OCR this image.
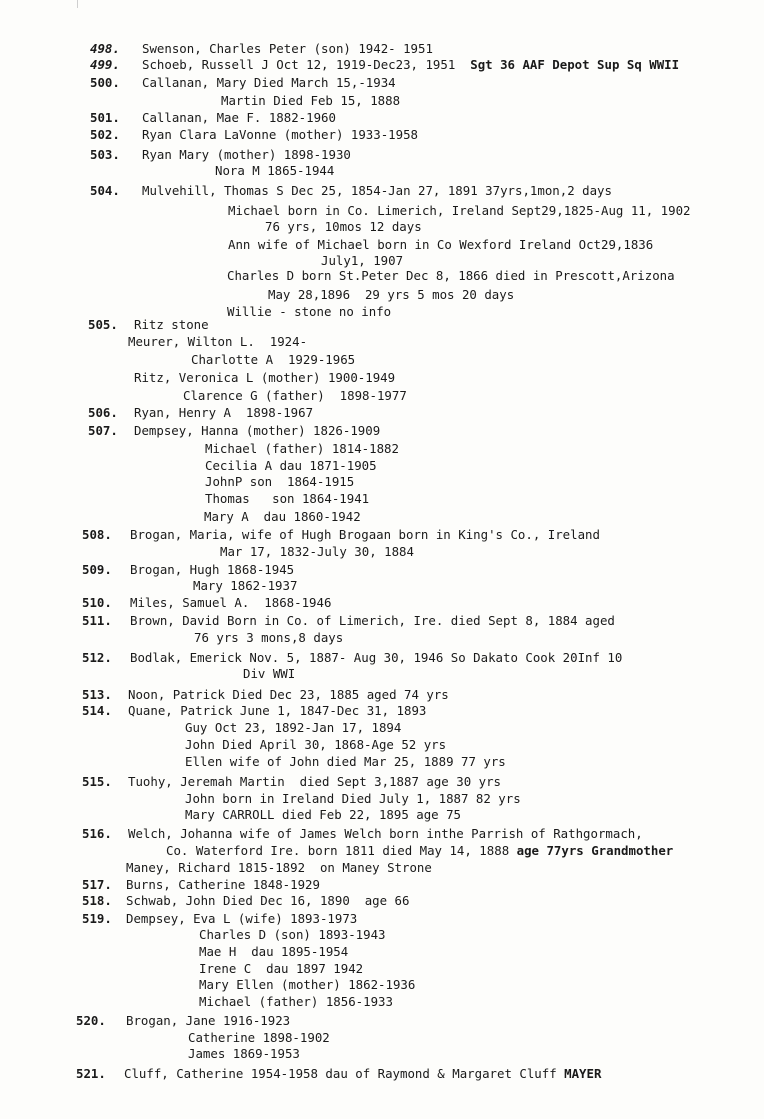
498. Swenson, Charles Peter (son) 1942- 1951
499. Schoeb, Russell J Oct 12, 1919-Dec23, 1951  Sgt 36 AAF Depot Sup Sq WWII
500. Callanan, Mary Died March 15,-1934
Martin Died Feb 15, 1888
501. Callanan, Mae F. 1882-1960
502. Ryan Clara LaVonne (mother) 1933-1958
503. Ryan Mary (mother) 1898-1930
Nora M 1865-1944
504. Mulvehill, Thomas S Dec 25, 1854-Jan 27, 1891 37yrs,1mon,2 days
Michael born in Co. Limerich, Ireland Sept29,1825-Aug 11, 1902
76 yrs, 10mos 12 days
Ann wife of Michael born in Co Wexford Ireland Oct29,1836
July1, 1907
Charles D born St.Peter Dec 8, 1866 died in Prescott,Arizona
May 28,1896  29 yrs 5 mos 20 days
Willie - stone no info
505. Ritz stone
Meurer, Wilton L.  1924-
Charlotte A  1929-1965
Ritz, Veronica L (mother) 1900-1949
Clarence G (father)  1898-1977
506. Ryan, Henry A  1898-1967
507. Dempsey, Hanna (mother) 1826-1909
Michael (father) 1814-1882
Cecilia A dau 1871-1905
JohnP son  1864-1915
Thomas   son 1864-1941
Mary A  dau 1860-1942
508. Brogan, Maria, wife of Hugh Brogaan born in King's Co., Ireland
Mar 17, 1832-July 30, 1884
509. Brogan, Hugh 1868-1945
Mary 1862-1937
510. Miles, Samuel A.  1868-1946
511. Brown, David Born in Co. of Limerich, Ire. died Sept 8, 1884 aged
76 yrs 3 mons,8 days
512. Bodlak, Emerick Nov. 5, 1887- Aug 30, 1946 So Dakato Cook 20Inf 10
Div WWI
513. Noon, Patrick Died Dec 23, 1885 aged 74 yrs
514. Quane, Patrick June 1, 1847-Dec 31, 1893
Guy Oct 23, 1892-Jan 17, 1894
John Died April 30, 1868-Age 52 yrs
Ellen wife of John died Mar 25, 1889 77 yrs
515. Tuohy, Jeremah Martin  died Sept 3,1887 age 30 yrs
John born in Ireland Died July 1, 1887 82 yrs
Mary CARROLL died Feb 22, 1895 age 75
516. Welch, Johanna wife of James Welch born inthe Parrish of Rathgormach,
Co. Waterford Ire. born 1811 died May 14, 1888 age 77yrs Grandmother
Maney, Richard 1815-1892  on Maney Strone
517. Burns, Catherine 1848-1929
518. Schwab, John Died Dec 16, 1890  age 66
519. Dempsey, Eva L (wife) 1893-1973
Charles D (son) 1893-1943
Mae H  dau 1895-1954
Irene C  dau 1897 1942
Mary Ellen (mother) 1862-1936
Michael (father) 1856-1933
520. Brogan, Jane 1916-1923
Catherine 1898-1902
James 1869-1953
521. Cluff, Catherine 1954-1958 dau of Raymond & Margaret Cluff MAYER
